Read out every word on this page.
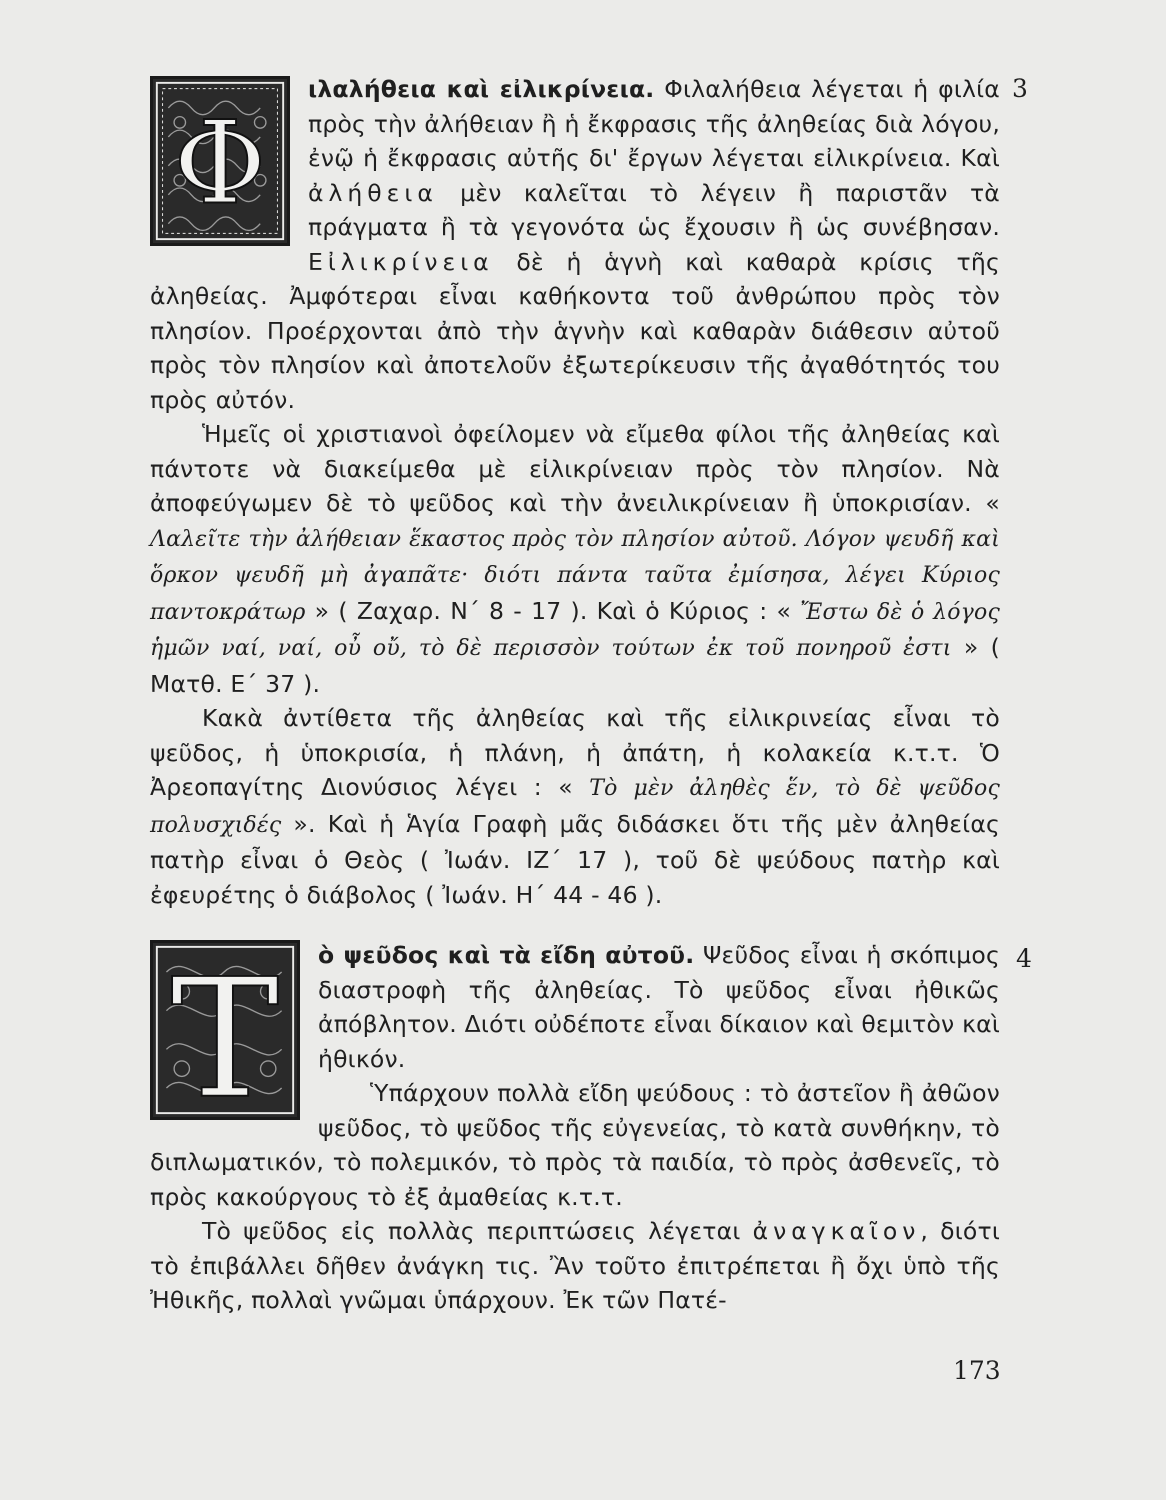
3
4
Φ

ιλαλήθεια καὶ εἰλικρίνεια. Φιλαλήθεια λέγεται ἡ φιλία πρὸς τὴν ἀλήθειαν ἢ ἡ ἔκφρασις τῆς ἀληθείας διὰ λόγου, ἐνῷ ἡ ἔκφρασις αὐτῆς δι' ἔργων λέγεται εἰλικρίνεια. Καὶ ἀλήθεια μὲν καλεῖται τὸ λέγειν ἢ παριστᾶν τὰ πράγματα ἢ τὰ γεγονότα ὡς ἔχουσιν ἢ ὡς συνέβησαν. Εἰλικρίνεια δὲ ἡ ἁγνὴ καὶ καθαρὰ κρίσις τῆς ἀληθείας. Ἀμφότεραι εἶναι καθήκοντα τοῦ ἀνθρώπου πρὸς τὸν πλησίον. Προέρχονται ἀπὸ τὴν ἁγνὴν καὶ καθαρὰν διάθεσιν αὐτοῦ πρὸς τὸν πλησίον καὶ ἀποτελοῦν ἐξωτερίκευσιν τῆς ἀγαθότητός του πρὸς αὐτόν.

Ἡμεῖς οἱ χριστιανοὶ ὀφείλομεν νὰ εἴμεθα φίλοι τῆς ἀληθείας καὶ πάντοτε νὰ διακείμεθα μὲ εἰλικρίνειαν πρὸς τὸν πλησίον. Νὰ ἀποφεύγωμεν δὲ τὸ ψεῦδος καὶ τὴν ἀνειλικρίνειαν ἢ ὑποκρισίαν. « Λαλεῖτε τὴν ἀλήθειαν ἕκαστος πρὸς τὸν πλησίον αὐτοῦ. Λόγον ψευδῆ καὶ ὅρκον ψευδῆ μὴ ἀγαπᾶτε· διότι πάντα ταῦτα ἐμίσησα, λέγει Κύριος παντοκράτωρ » ( Ζαχαρ. Ν΄ 8 - 17 ). Καὶ ὁ Κύριος : « Ἔστω δὲ ὁ λόγος ἡμῶν ναί, ναί, οὖ οὔ, τὸ δὲ περισσὸν τούτων ἐκ τοῦ πονηροῦ ἐστι » ( Ματθ. Ε΄ 37 ).

Κακὰ ἀντίθετα τῆς ἀληθείας καὶ τῆς εἰλικρινείας εἶναι τὸ ψεῦδος, ἡ ὑποκρισία, ἡ πλάνη, ἡ ἀπάτη, ἡ κολακεία κ.τ.τ. Ὁ Ἀρεοπαγίτης Διονύσιος λέγει : « Τὸ μὲν ἀληθὲς ἕν, τὸ δὲ ψεῦδος πολυσχιδές ». Καὶ ἡ Ἁγία Γραφὴ μᾶς διδάσκει ὅτι τῆς μὲν ἀληθείας πατὴρ εἶναι ὁ Θεὸς ( Ἰωάν. ΙΖ΄ 17 ), τοῦ δὲ ψεύδους πατὴρ καὶ ἐφευρέτης ὁ διάβολος ( Ἰωάν. Η΄ 44 - 46 ).

Τ	ὸ ψεῦδος καὶ τὰ εἴδη αὐτοῦ. Ψεῦδος εἶναι ἡ σκόπιμος διαστροφὴ τῆς ἀληθείας. Τὸ ψεῦδος εἶναι ἠθικῶς ἀπόβλητον. Διότι οὐδέποτε εἶναι δίκαιον καὶ θεμιτὸν καὶ ἠθικόν.

Ὑπάρχουν πολλὰ εἴδη ψεύδους : τὸ ἀστεῖον ἢ ἀθῶον ψεῦδος, τὸ ψεῦδος τῆς εὐγενείας, τὸ κατὰ συνθήκην, τὸ διπλωματικόν, τὸ πολεμικόν, τὸ πρὸς τὰ παιδία, τὸ πρὸς ἀσθενεῖς, τὸ πρὸς κακούργους τὸ ἐξ ἀμαθείας κ.τ.τ.

Τὸ ψεῦδος εἰς πολλὰς περιπτώσεις λέγεται ἀναγκαῖον, διότι τὸ ἐπιβάλλει δῆθεν ἀνάγκη τις. Ἂν τοῦτο ἐπιτρέπεται ἢ ὄχι ὑπὸ τῆς Ἠθικῆς, πολλαὶ γνῶμαι ὑπάρχουν. Ἐκ τῶν Πατέ-

173
